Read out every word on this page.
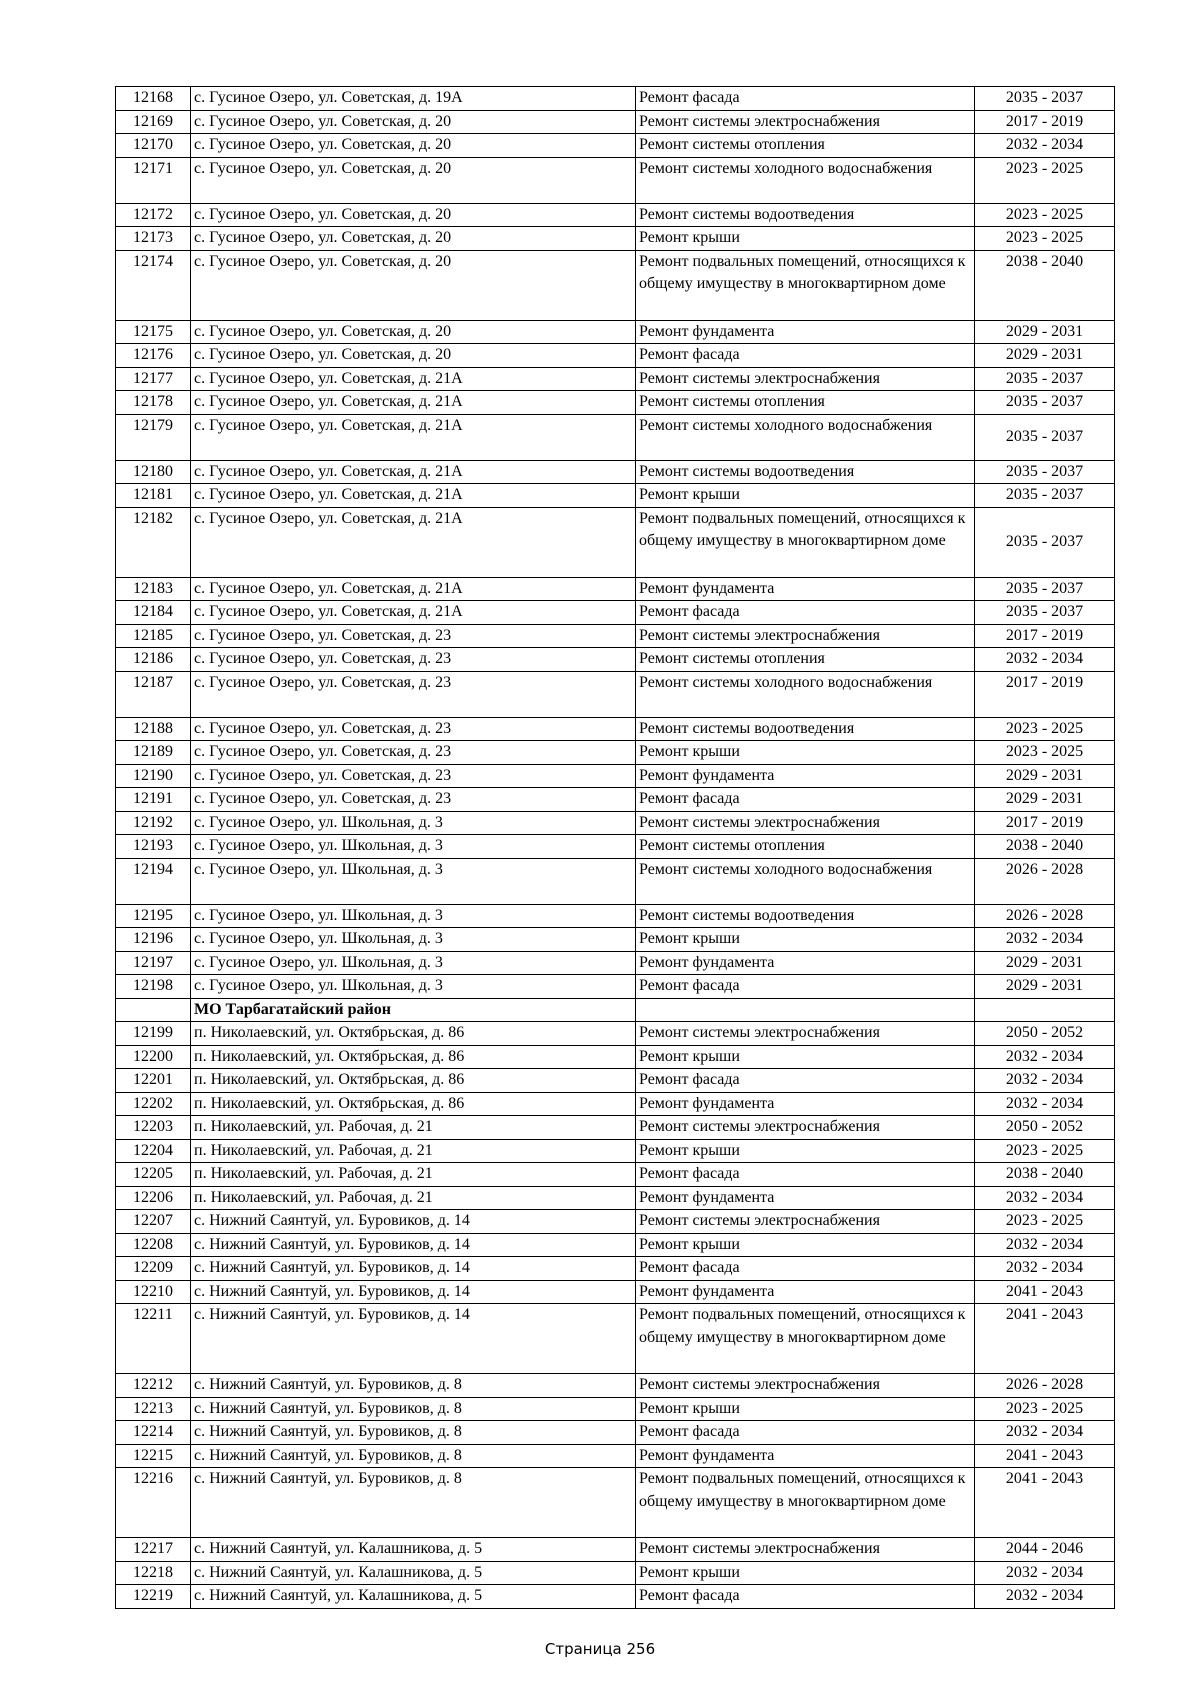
12168	с. Гусиное Озеро, ул. Советская, д. 19А	Ремонт фасада	2035 - 2037
12169	с. Гусиное Озеро, ул. Советская, д. 20	Ремонт системы электроснабжения	2017 - 2019
12170	с. Гусиное Озеро, ул. Советская, д. 20	Ремонт системы отопления	2032 - 2034
12171	с. Гусиное Озеро, ул. Советская, д. 20	Ремонт системы холодного водоснабжения	2023 - 2025
12172	с. Гусиное Озеро, ул. Советская, д. 20	Ремонт системы водоотведения	2023 - 2025
12173	с. Гусиное Озеро, ул. Советская, д. 20	Ремонт крыши	2023 - 2025
12174	с. Гусиное Озеро, ул. Советская, д. 20	Ремонт подвальных помещений, относящихся к общему имуществу в многоквартирном доме	2038 - 2040
12175	с. Гусиное Озеро, ул. Советская, д. 20	Ремонт фундамента	2029 - 2031
12176	с. Гусиное Озеро, ул. Советская, д. 20	Ремонт фасада	2029 - 2031
12177	с. Гусиное Озеро, ул. Советская, д. 21А	Ремонт системы электроснабжения	2035 - 2037
12178	с. Гусиное Озеро, ул. Советская, д. 21А	Ремонт системы отопления	2035 - 2037
12179	с. Гусиное Озеро, ул. Советская, д. 21А	Ремонт системы холодного водоснабжения	2035 - 2037
12180	с. Гусиное Озеро, ул. Советская, д. 21А	Ремонт системы водоотведения	2035 - 2037
12181	с. Гусиное Озеро, ул. Советская, д. 21А	Ремонт крыши	2035 - 2037
12182	с. Гусиное Озеро, ул. Советская, д. 21А	Ремонт подвальных помещений, относящихся к общему имуществу в многоквартирном доме	2035 - 2037
12183	с. Гусиное Озеро, ул. Советская, д. 21А	Ремонт фундамента	2035 - 2037
12184	с. Гусиное Озеро, ул. Советская, д. 21А	Ремонт фасада	2035 - 2037
12185	с. Гусиное Озеро, ул. Советская, д. 23	Ремонт системы электроснабжения	2017 - 2019
12186	с. Гусиное Озеро, ул. Советская, д. 23	Ремонт системы отопления	2032 - 2034
12187	с. Гусиное Озеро, ул. Советская, д. 23	Ремонт системы холодного водоснабжения	2017 - 2019
12188	с. Гусиное Озеро, ул. Советская, д. 23	Ремонт системы водоотведения	2023 - 2025
12189	с. Гусиное Озеро, ул. Советская, д. 23	Ремонт крыши	2023 - 2025
12190	с. Гусиное Озеро, ул. Советская, д. 23	Ремонт фундамента	2029 - 2031
12191	с. Гусиное Озеро, ул. Советская, д. 23	Ремонт фасада	2029 - 2031
12192	с. Гусиное Озеро, ул. Школьная, д. 3	Ремонт системы электроснабжения	2017 - 2019
12193	с. Гусиное Озеро, ул. Школьная, д. 3	Ремонт системы отопления	2038 - 2040
12194	с. Гусиное Озеро, ул. Школьная, д. 3	Ремонт системы холодного водоснабжения	2026 - 2028
12195	с. Гусиное Озеро, ул. Школьная, д. 3	Ремонт системы водоотведения	2026 - 2028
12196	с. Гусиное Озеро, ул. Школьная, д. 3	Ремонт крыши	2032 - 2034
12197	с. Гусиное Озеро, ул. Школьная, д. 3	Ремонт фундамента	2029 - 2031
12198	с. Гусиное Озеро, ул. Школьная, д. 3	Ремонт фасада	2029 - 2031
	МО Тарбагатайский район		
12199	п. Николаевский, ул. Октябрьская, д. 86	Ремонт системы электроснабжения	2050 - 2052
12200	п. Николаевский, ул. Октябрьская, д. 86	Ремонт крыши	2032 - 2034
12201	п. Николаевский, ул. Октябрьская, д. 86	Ремонт фасада	2032 - 2034
12202	п. Николаевский, ул. Октябрьская, д. 86	Ремонт фундамента	2032 - 2034
12203	п. Николаевский, ул. Рабочая, д. 21	Ремонт системы электроснабжения	2050 - 2052
12204	п. Николаевский, ул. Рабочая, д. 21	Ремонт крыши	2023 - 2025
12205	п. Николаевский, ул. Рабочая, д. 21	Ремонт фасада	2038 - 2040
12206	п. Николаевский, ул. Рабочая, д. 21	Ремонт фундамента	2032 - 2034
12207	с. Нижний Саянтуй, ул. Буровиков, д. 14	Ремонт системы электроснабжения	2023 - 2025
12208	с. Нижний Саянтуй, ул. Буровиков, д. 14	Ремонт крыши	2032 - 2034
12209	с. Нижний Саянтуй, ул. Буровиков, д. 14	Ремонт фасада	2032 - 2034
12210	с. Нижний Саянтуй, ул. Буровиков, д. 14	Ремонт фундамента	2041 - 2043
12211	с. Нижний Саянтуй, ул. Буровиков, д. 14	Ремонт подвальных помещений, относящихся к общему имуществу в многоквартирном доме	2041 - 2043
12212	с. Нижний Саянтуй, ул. Буровиков, д. 8	Ремонт системы электроснабжения	2026 - 2028
12213	с. Нижний Саянтуй, ул. Буровиков, д. 8	Ремонт крыши	2023 - 2025
12214	с. Нижний Саянтуй, ул. Буровиков, д. 8	Ремонт фасада	2032 - 2034
12215	с. Нижний Саянтуй, ул. Буровиков, д. 8	Ремонт фундамента	2041 - 2043
12216	с. Нижний Саянтуй, ул. Буровиков, д. 8	Ремонт подвальных помещений, относящихся к общему имуществу в многоквартирном доме	2041 - 2043
12217	с. Нижний Саянтуй, ул. Калашникова, д. 5	Ремонт системы электроснабжения	2044 - 2046
12218	с. Нижний Саянтуй, ул. Калашникова, д. 5	Ремонт крыши	2032 - 2034
12219	с. Нижний Саянтуй, ул. Калашникова, д. 5	Ремонт фасада	2032 - 2034
Страница 256
